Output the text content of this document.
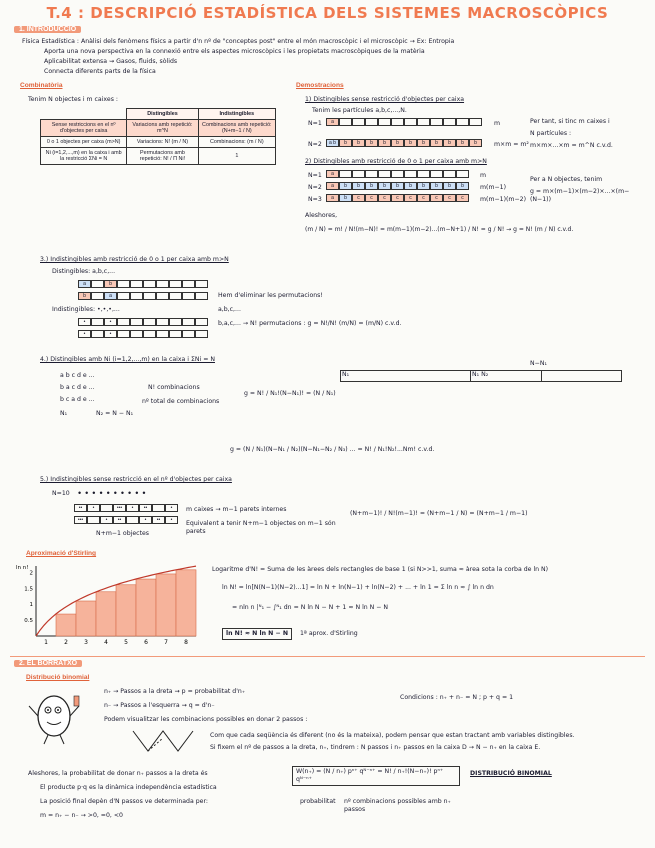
T.4 : DESCRIPCIÓ ESTADÍSTICA DELS SISTEMES MACROSCÒPICS
1. INTRODUCCIÓ
Física Estadística : Anàlisi dels fenòmens físics a partir d'n nº de "conceptes post" entre el món macroscòpic i el microscòpic → Ex: Entropia
Aporta una nova perspectiva en la connexió entre els aspectes microscòpics i les propietats macroscòpiques de la matèria
Aplicabilitat extensa ⇝ Gasos, fluids, sòlids
Connecta diferents parts de la física
Combinatòria
Tenim N objectes i m caixes :
	Distingibles	Indistingibles
Sense restriccions en el nº d'objectes per caixa	Variacions amb repetició: m^N	Combinacions amb repetició: (N+m−1 / N)
0 o 1 objectes per caixa (m>N)	Variacions: N! (m / N)	Combinacions: (m / N)
Ni (i=1,2,...,m) en la caixa i amb la restricció ΣNi = N	Permutacions amb repetició: N! / Π Ni!	1
Demostracions
1) Distingibles sense restricció d'objectes per caixa
Tenim les partícules a,b,c,...,N.
N=1	a	m
N=2	a b	b	b	b	b	b	b	b	b	b	b	b	m×m = m²
Per tant, si tinc m caixes i
N partícules :
m×m×...×m = m^N c.v.d.
2) Distingibles amb restricció de 0 o 1 per caixa amb m>N
N=1	a	m
N=2	a	b	b	b	b	b	b	b	b	b	b	m(m−1)
N=3	a	b	c	c	c	c	c	c	c	c	c	m(m−1)(m−2)
Per a N objectes, tenim
g = m×(m−1)×(m−2)×...×(m−(N−1))
Aleshores,
(m / N) = m! / N!(m−N)! = m(m−1)(m−2)...(m−N+1) / N! = g / N! → g = N! (m / N) c.v.d.
3.) Indistingibles amb restricció de 0 o 1 per caixa amb m>N
Distingibles: a,b,c,...
a	b
b	a
Indistingibles: •,•,•,...
•	•
•	•
Hem d'eliminar les permutacions!
a,b,c,...
b,a,c,... → N! permutacions : g = N!/N! (m/N) = (m/N) c.v.d.
4.) Distingibles amb Ni (i=1,2,...,m) en la caixa i ΣNi = N
a b c d e ...
b a c d e ...
b c a d e ...
N₁	N₂ = N − N₁
N! combinacions
nº total de combinacions
g = N! / N₁!(N−N₁)! = (N / N₁)
g = (N / N₁)(N−N₁ / N₂)(N−N₁−N₂ / N₃) ... = N! / N₁!N₂!...Nm! c.v.d.
N₁	N₁ N₂
N−N₁
5.) Indistingibles sense restricció en el nº d'objectes per caixa
N=10 ••••••••••
••	•	•••	•	••	•
•••	•	••	•	••	•
N+m−1 objectes
m caixes → m−1 parets internes
Equivalent a tenir N+m−1 objectes on m−1 són parets
(N+m−1)! / N!(m−1)! = (N+m−1 / N) = (N+m−1 / m−1)
Aproximació d'Stirling
1	2	3	4	5	6	7	8
0.5
1
1.5
2
ln n!	Logaritme d'N! = Suma de les àrees dels rectangles de base 1 (si N>>1, suma ≈ àrea sota la corba de ln N)
ln N! = ln[N(N−1)(N−2)...1] = ln N + ln(N−1) + ln(N−2) + ... + ln 1 = Σ ln n ≈ ∫ ln n dn
= nln n |ᴺ₁ − ∫ᴺ₁ dn = N ln N − N + 1 ≈ N ln N − N
ln N! ≈ N ln N − N	1ª aprox. d'Stirling
2. EL BORRATXO
Distribució binomial
n₊ → Passos a la dreta ⇝ p = probabilitat d'n₊
n₋ → Passos a l'esquerra ⇝ q = d'n₋
Condicions : n₊ + n₋ = N ; p + q = 1
Podem visualitzar les combinacions possibles en donar 2 passos :
Com que cada seqüència és diferent (no és la mateixa), podem pensar que estan tractant amb variables distingibles.
Si fixem el nº de passos a la dreta, n₊, tindrem : N passos i n₊ passos en la caixa D → N − n₊ en la caixa E.
Aleshores, la probabilitat de donar n₊ passos a la dreta és	W(n₊) = (N / n₊) pⁿ⁺ qᴺ⁻ⁿ⁺ = N! / n₊!(N−n₊)! pⁿ⁺ qᴺ⁻ⁿ⁺
DISTRIBUCIÓ BINOMIAL
probabilitat nº combinacions possibles amb n₊ passos
El producte p·q es la dinàmica independència estadística
La posició final depèn d'N passos ve determinada per:
m = n₊ − n₋ → >0, =0, <0
